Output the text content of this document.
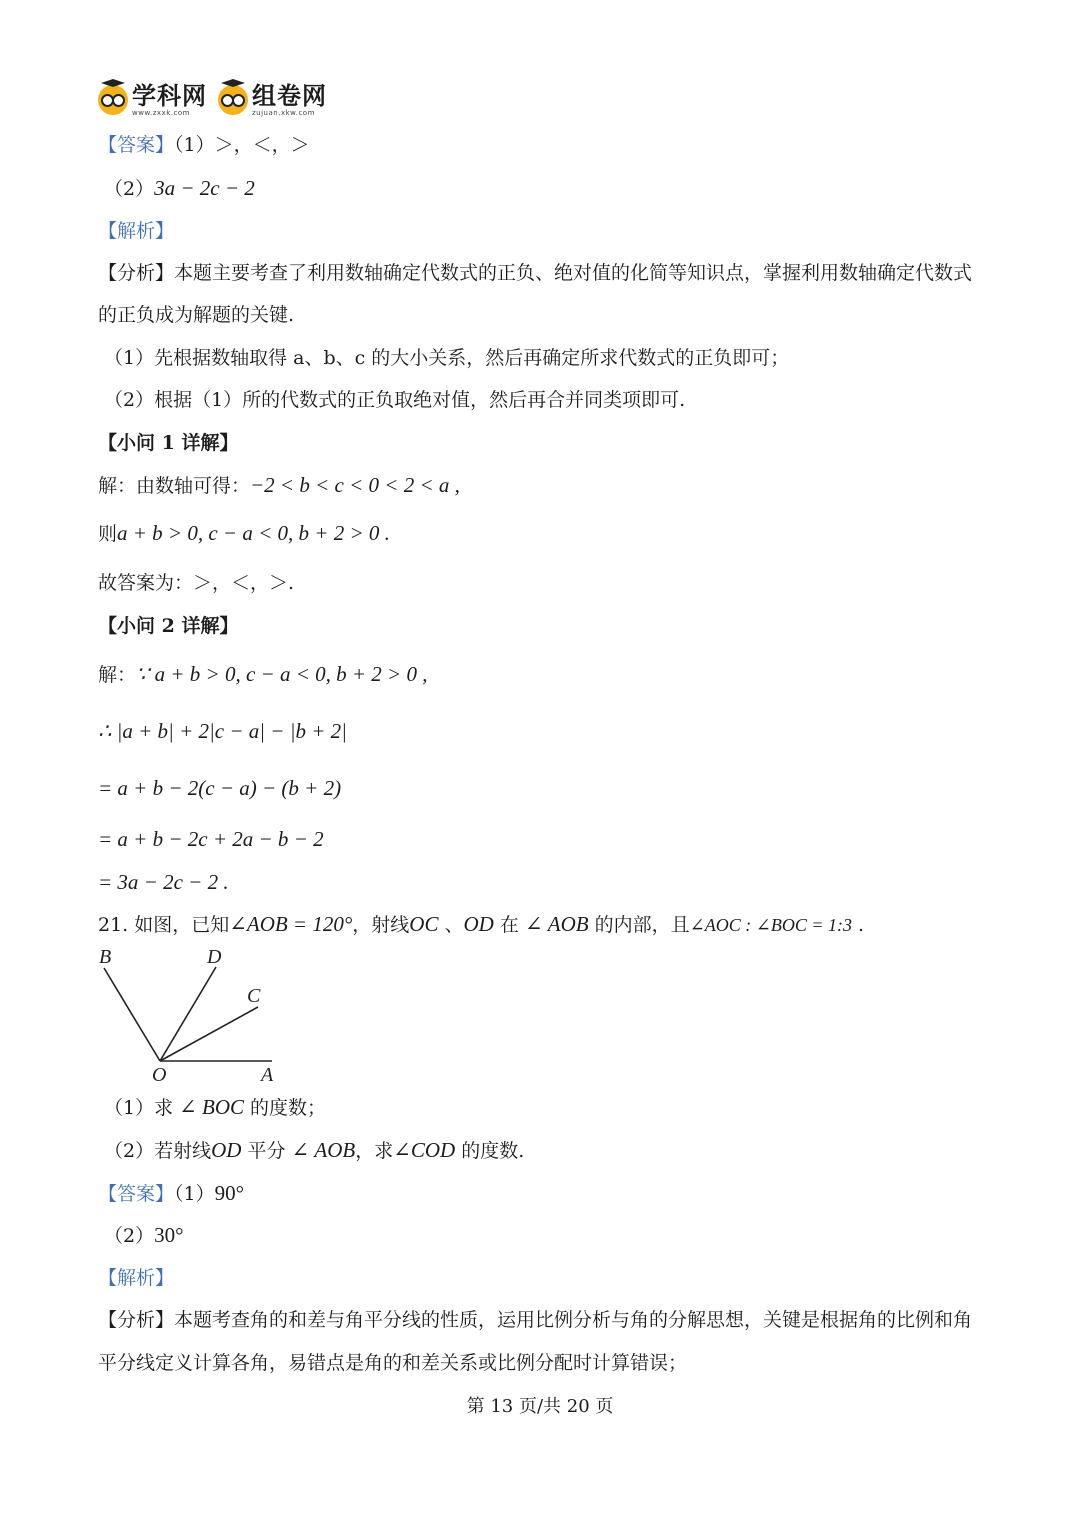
学科网
www.zxxk.com
组卷网
zujuan.xkw.com
【答案】（1）＞，＜，＞
（2）3a − 2c − 2
【解析】
【分析】本题主要考查了利用数轴确定代数式的正负、绝对值的化简等知识点，掌握利用数轴确定代数式
的正负成为解题的关键.
（1）先根据数轴取得 a、b、c 的大小关系，然后再确定所求代数式的正负即可；
（2）根据（1）所的代数式的正负取绝对值，然后再合并同类项即可.
【小问 1 详解】
解：由数轴可得：−2 < b < c < 0 < 2 < a ,
则a + b > 0, c − a < 0, b + 2 > 0 .
故答案为：＞，＜，＞.
【小问 2 详解】
解：∵ a + b > 0, c − a < 0, b + 2 > 0 ,
∴ |a + b| + 2|c − a| − |b + 2|
= a + b − 2(c − a) − (b + 2)
= a + b − 2c + 2a − b − 2
= 3a − 2c − 2 .
21. 如图，已知∠AOB = 120°，射线OC 、OD 在 ∠ AOB 的内部，且∠AOC : ∠BOC = 1:3 .
B	D
C
O	A
（1）求 ∠ BOC 的度数；
（2）若射线OD 平分 ∠ AOB，求∠COD 的度数.
【答案】（1）90°
（2）30°
【解析】
【分析】本题考查角的和差与角平分线的性质，运用比例分析与角的分解思想，关键是根据角的比例和角
平分线定义计算各角，易错点是角的和差关系或比例分配时计算错误；
第 13 页/共 20 页
